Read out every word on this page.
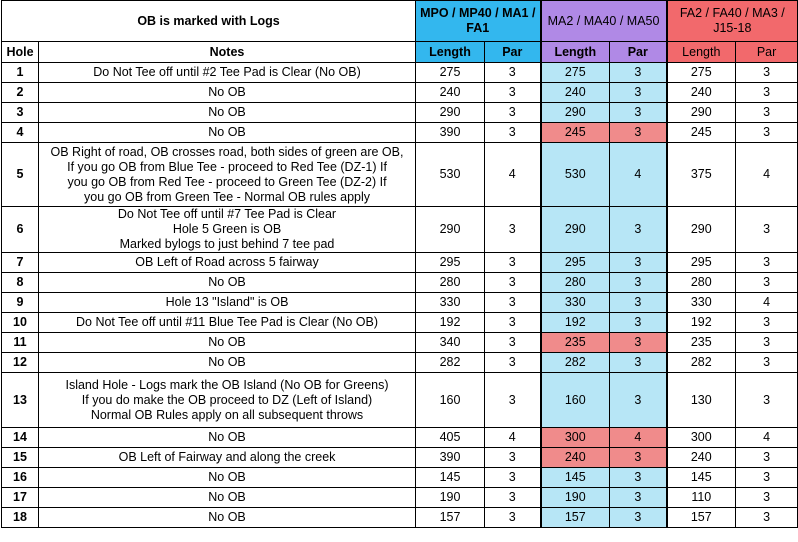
OB is marked with Logs		MPO / MP40 / MA1 / FA1		MA2 / MA40 / MA50		FA2 / FA40 / MA3 / J15-18	
Hole	Notes	Length	Par	Length	Par	Length	Par
1	Do Not Tee off until #2 Tee Pad is Clear (No OB)	275	3	275	3	275	3
2	No OB	240	3	240	3	240	3
3	No OB	290	3	290	3	290	3
4	No OB	390	3	245	3	245	3
5	OB Right of road, OB crosses road, both sides of green are OB,
If you go OB from Blue Tee - proceed to Red Tee (DZ-1) If
you go OB from Red Tee - proceed to Green Tee (DZ-2) If
you go OB from Green Tee - Normal OB rules apply	530	4	530	4	375	4
6	Do Not Tee off until #7 Tee Pad is Clear
Hole 5 Green is OB
Marked bylogs to just behind 7 tee pad	290	3	290	3	290	3
7	OB Left of Road across 5 fairway	295	3	295	3	295	3
8	No OB	280	3	280	3	280	3
9	Hole 13 "Island" is OB	330	3	330	3	330	4
10	Do Not Tee off until #11 Blue Tee Pad is Clear (No OB)	192	3	192	3	192	3
11	No OB	340	3	235	3	235	3
12	No OB	282	3	282	3	282	3
13	Island Hole - Logs mark the OB Island (No OB for Greens)
If you do make the OB proceed to DZ (Left of Island)
Normal OB Rules apply on all subsequent throws	160	3	160	3	130	3
14	No OB	405	4	300	4	300	4
15	OB Left of Fairway and along the creek	390	3	240	3	240	3
16	No OB	145	3	145	3	145	3
17	No OB	190	3	190	3	110	3
18	No OB	157	3	157	3	157	3
